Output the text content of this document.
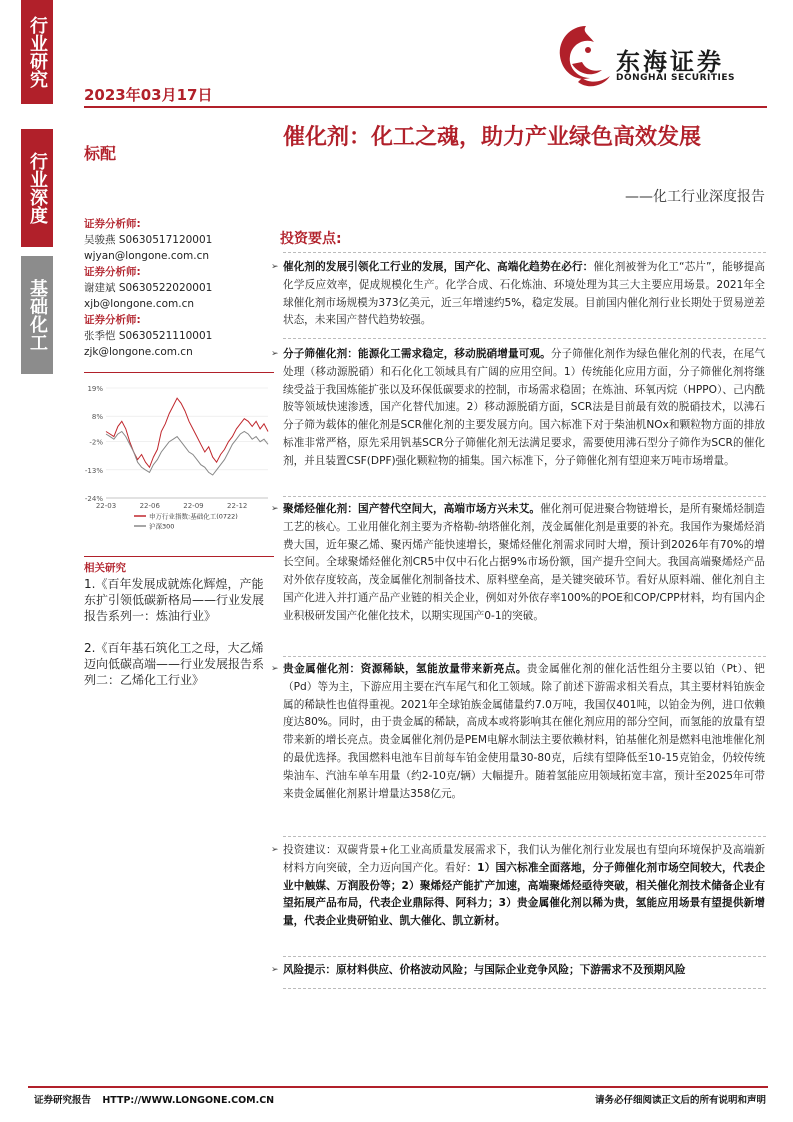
行业研究
行业深度
基础化工
2023年03月17日
东海证券
DONGHAI SECURITIES
标配
催化剂：化工之魂，助力产业绿色高效发展
——化工行业深度报告
证券分析师:
吴骏燕 S0630517120001
wjyan@longone.com.cn
证券分析师:
谢建斌 S0630522020001
xjb@longone.com.cn
证券分析师:
张季恺 S0630521110001
zjk@longone.com.cn
19%
8%
-2%
-13%
-24%
22-03	22-06	22-09	22-12
申万行业指数:基础化工(0722)
沪深300
相关研究
1.《百年发展成就炼化辉煌，产能东扩引领低碳新格局——行业发展报告系列一：炼油行业》
2.《百年基石筑化工之母，大乙烯迈向低碳高端——行业发展报告系列二：乙烯化工行业》
投资要点:
➢ 催化剂的发展引领化工行业的发展，国产化、高端化趋势在必行：催化剂被誉为化工“芯片”，能够提高化学反应效率，促成规模化生产。化学合成、石化炼油、环境处理为其三大主要应用场景。2021年全球催化剂市场规模为373亿美元，近三年增速约5%，稳定发展。目前国内催化剂行业长期处于贸易逆差状态，未来国产替代趋势较强。
➢ 分子筛催化剂：能源化工需求稳定，移动脱硝增量可观。分子筛催化剂作为绿色催化剂的代表，在尾气处理（移动源脱硝）和石化化工领域具有广阔的应用空间。1）传统能化应用方面，分子筛催化剂将继续受益于我国炼能扩张以及环保低碳要求的控制，市场需求稳固；在炼油、环氧丙烷（HPPO）、己内酰胺等领域快速渗透，国产化替代加速。2）移动源脱硝方面，SCR法是目前最有效的脱硝技术，以沸石分子筛为载体的催化剂是SCR催化剂的主要发展方向。国六标准下对于柴油机NOx和颗粒物方面的排放标准非常严格，原先采用钒基SCR分子筛催化剂无法满足要求，需要使用沸石型分子筛作为SCR的催化剂，并且装置CSF(DPF)强化颗粒物的捕集。国六标准下，分子筛催化剂有望迎来万吨市场增量。
➢ 聚烯烃催化剂：国产替代空间大，高端市场方兴未艾。催化剂可促进聚合物链增长，是所有聚烯烃制造工艺的核心。工业用催化剂主要为齐格勒-纳塔催化剂，茂金属催化剂是重要的补充。我国作为聚烯烃消费大国，近年聚乙烯、聚丙烯产能快速增长，聚烯烃催化剂需求同时大增，预计到2026年有70%的增长空间。全球聚烯烃催化剂CR5中仅中石化占据9%市场份额，国产提升空间大。我国高端聚烯烃产品对外依存度较高，茂金属催化剂制备技术、原料壁垒高，是关键突破环节。看好从原料端、催化剂自主国产化进入并打通产品产业链的相关企业，例如对外依存率100%的POE和COP/CPP材料，均有国内企业积极研发国产化催化技术，以期实现国产0-1的突破。
➢ 贵金属催化剂：资源稀缺，氢能放量带来新亮点。贵金属催化剂的催化活性组分主要以铂（Pt）、钯（Pd）等为主，下游应用主要在汽车尾气和化工领域。除了前述下游需求相关看点，其主要材料铂族金属的稀缺性也值得重视。2021年全球铂族金属储量约7.0万吨，我国仅401吨，以铂金为例，进口依赖度达80%。同时，由于贵金属的稀缺，高成本或将影响其在催化剂应用的部分空间，而氢能的放量有望带来新的增长亮点。贵金属催化剂仍是PEM电解水制法主要依赖材料，铂基催化剂是燃料电池堆催化剂的最优选择。我国燃料电池车目前每车铂金使用量30-80克，后续有望降低至10-15克铂金，仍较传统柴油车、汽油车单车用量（约2-10克/辆）大幅提升。随着氢能应用领域拓宽丰富，预计至2025年可带来贵金属催化剂累计增量达358亿元。
➢ 投资建议：双碳背景+化工业高质量发展需求下，我们认为催化剂行业发展也有望向环境保护及高端新材料方向突破，全力迈向国产化。看好：1）国六标准全面落地，分子筛催化剂市场空间较大，代表企业中触媒、万润股份等；2）聚烯烃产能扩产加速，高端聚烯烃亟待突破，相关催化剂技术储备企业有望拓展产品布局，代表企业鼎际得、阿科力；3）贵金属催化剂以稀为贵，氢能应用场景有望提供新增量，代表企业贵研铂业、凯大催化、凯立新材。
➢ 风险提示：原材料供应、价格波动风险；与国际企业竞争风险；下游需求不及预期风险
证券研究报告 HTTP://WWW.LONGONE.COM.CN	请务必仔细阅读正文后的所有说明和声明
